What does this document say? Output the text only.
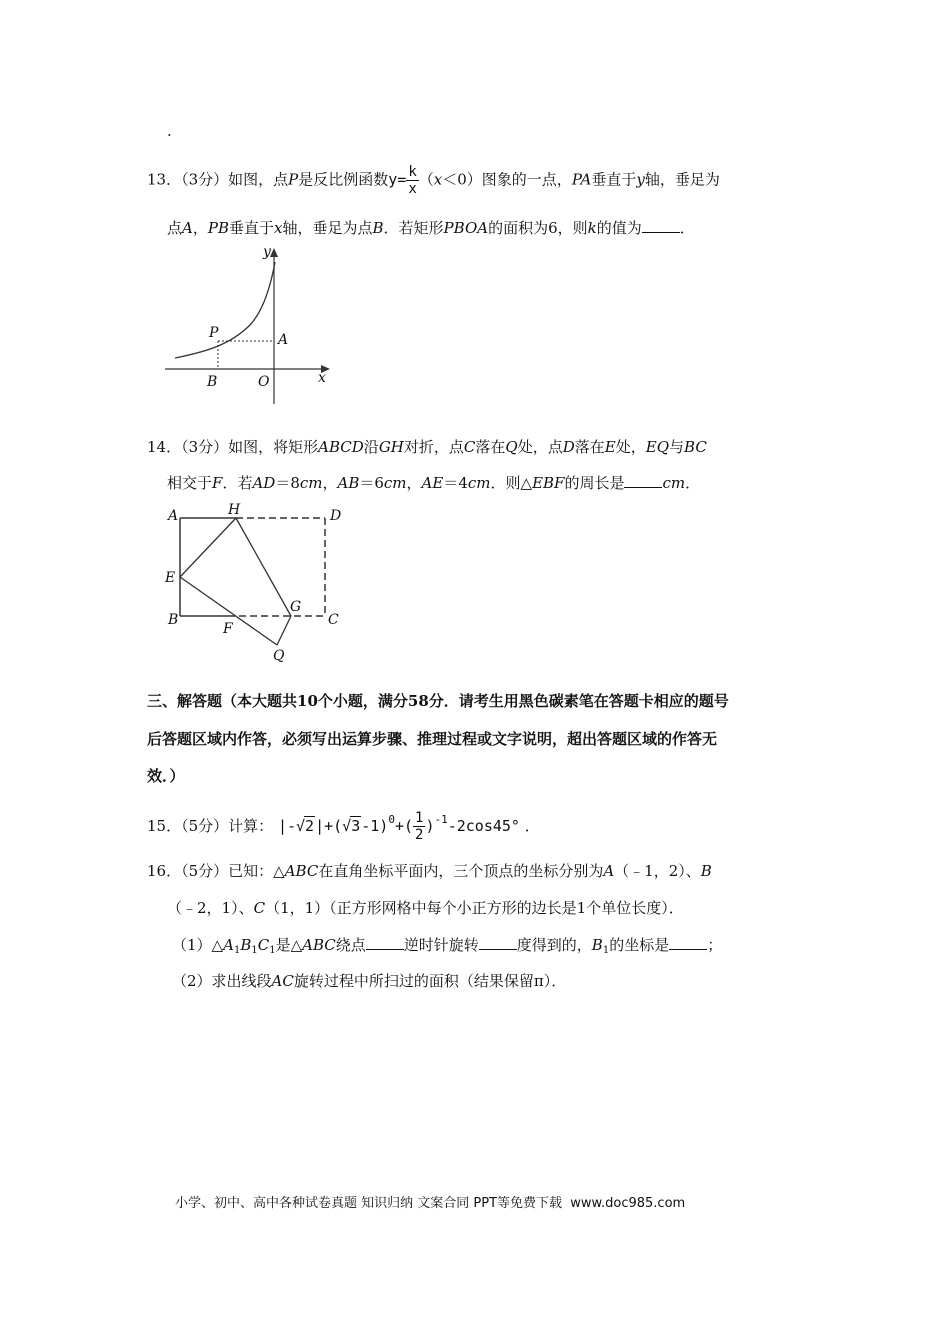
.
13．（3分）如图，点P是反比例函数$y= \frac{k}{x} (x<0)$图象的一点，PA垂直于y轴，垂足为
点A，PB垂直于x轴，垂足为点B．若矩形PBOA的面积为6，则k的值为	．
y
x
P	A
B	O
14．（3分）如图，将矩形ABCD沿GH对折，点C落在Q处，点D落在E处，EQ与BC
相交于F．若AD＝8cm，AB＝6cm，AE＝4cm．则△EBF的周长是	cm．
A	H	D
E
G
B
F
C
Q
三、解答题（本大题共10个小题，满分58分．请考生用黑色碳素笔在答题卡相应的题号
后答题区域内作答，必须写出运算步骤、推理过程或文字说明，超出答题区域的作答无
效．）
15．（5分）计算： $|-√2|+(√3-1)^0+( \frac{1}{2} )^{-1}-2\cos 45^\circ$ ．
16．（5分）已知：△ABC在直角坐标平面内，三个顶点的坐标分别为A（﹣1，2）、B
（﹣2，1）、C（1，1）（正方形网格中每个小正方形的边长是1个单位长度）．
$(1)\triangle A_1B_1C_1$是△ABC绕点	逆时针旋转	度得到的，$B_1$的坐标是	；
（2）求出线段AC旋转过程中所扫过的面积（结果保留π）．
小学、初中、高中各种试卷真题 知识归纳 文案合同 PPT等免费下载 www.doc985.com
